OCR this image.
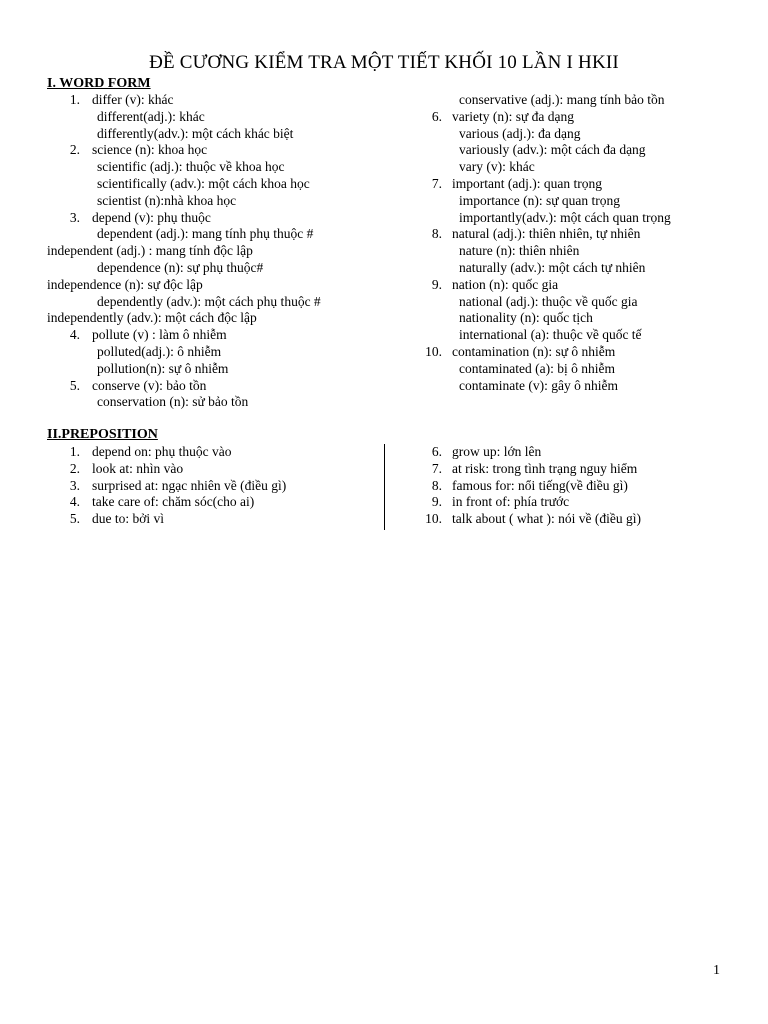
ĐỀ CƯƠNG KIỂM TRA MỘT TIẾT KHỐI 10 LẦN I HKII
I. WORD FORM
1. differ (v): khác
different(adj.): khác
differently(adv.): một cách khác biệt
2. science (n): khoa học
scientific (adj.): thuộc về khoa học
scientifically (adv.): một cách khoa học
scientist (n):nhà khoa học
3. depend (v): phụ thuộc
dependent (adj.): mang tính phụ thuộc #
independent (adj.) : mang tính độc lập
dependence (n): sự phụ thuộc#
independence (n): sự độc lập
dependently (adv.): một cách phụ thuộc #
independently (adv.): một cách độc lập
4. pollute (v) : làm ô nhiễm
polluted(adj.): ô nhiễm
pollution(n): sự ô nhiễm
5. conserve (v): bảo tồn
conservation (n): sử bảo tồn
conservative (adj.): mang tính bảo tồn
6. variety (n): sự đa dạng
various (adj.): đa dạng
variously (adv.): một cách đa dạng
vary (v): khác
7. important (adj.): quan trọng
importance (n): sự quan trọng
importantly(adv.): một cách quan trọng
8. natural (adj.): thiên nhiên, tự nhiên
nature (n): thiên nhiên
naturally (adv.): một cách tự nhiên
9. nation (n): quốc gia
national (adj.): thuộc về quốc gia
nationality (n): quốc tịch
international (a): thuộc về quốc tế
10. contamination (n): sự ô nhiễm
contaminated (a): bị ô nhiễm
contaminate (v): gây ô nhiễm
II.PREPOSITION
1. depend on: phụ thuộc vào
2. look at: nhìn vào
3. surprised at: ngạc nhiên về (điều gì)
4. take care of: chăm sóc(cho ai)
5. due to: bởi vì
6. grow up: lớn lên
7. at risk: trong tình trạng nguy hiểm
8. famous for: nổi tiếng(về điều gì)
9. in front of: phía trước
10. talk about ( what ): nói về (điều gì)
1
